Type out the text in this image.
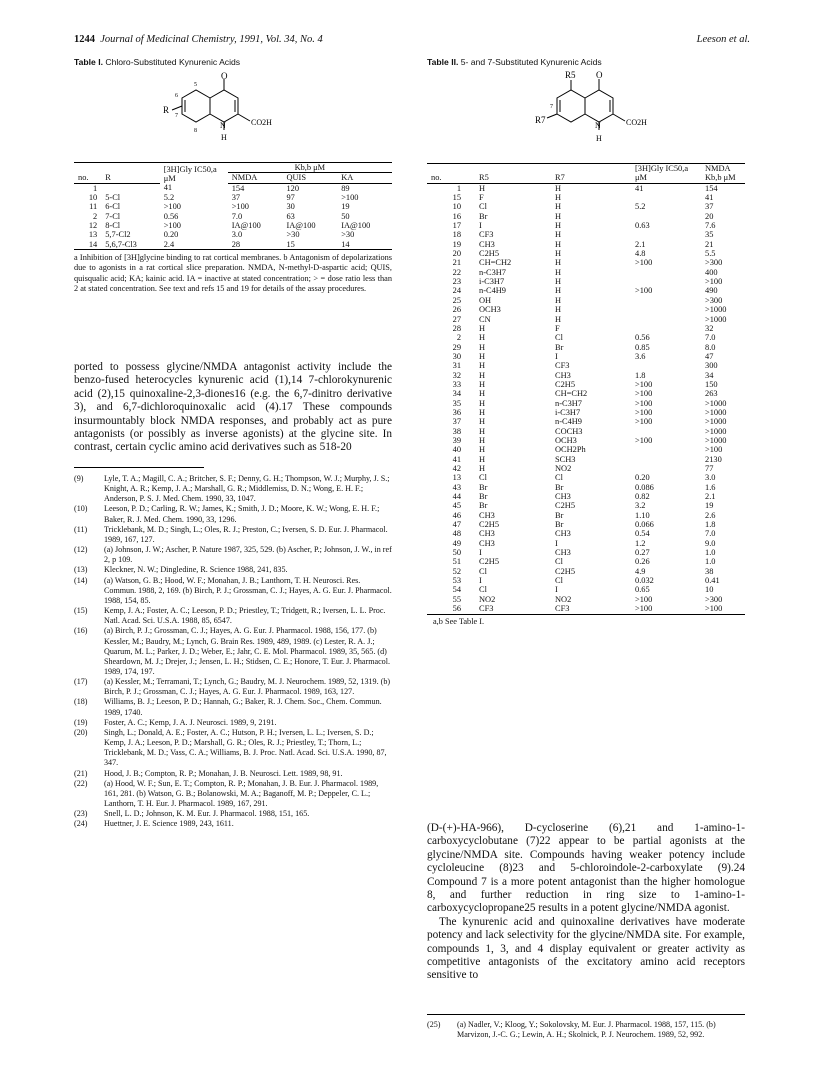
1244 Journal of Medicinal Chemistry, 1991, Vol. 34, No. 4	Leeson et al.
Table I. Chloro-Substituted Kynurenic Acids
O
5
6
7
8
R
N	CO2H
H
		[3H]Gly IC50,a μM	Kb,b μM		
no.	R		NMDA	QUIS	KA
1		41	154	120	89
10	5-Cl	5.2	37	97	>100
11	6-Cl	>100	>100	30	19
2	7-Cl	0.56	7.0	63	50
12	8-Cl	>100	IA@100	IA@100	IA@100
13	5,7-Cl2	0.20	3.0	>30	>30
14	5,6,7-Cl3	2.4	28	15	14
a Inhibition of [3H]glycine binding to rat cortical membranes. b Antagonism of depolarizations due to agonists in a rat cortical slice preparation. NMDA, N-methyl-D-aspartic acid; QUIS, quisqualic acid; KA; kainic acid. IA = inactive at stated concentration; > = dose ratio less than 2 at stated concentration. See text and refs 15 and 19 for details of the assay procedures.
ported to possess glycine/NMDA antagonist activity include the benzo-fused heterocycles kynurenic acid (1),14 7-chlorokynurenic acid (2),15 quinoxaline-2,3-diones16 (e.g. the 6,7-dinitro derivative 3), and 6,7-dichloroquinoxalic acid (4).17 These compounds insurmountably block NMDA responses, and probably act as pure antagonists (or possibly as inverse agonists) at the glycine site. In contrast, certain cyclic amino acid derivatives such as 518-20
(9)	Lyle, T. A.; Magill, C. A.; Britcher, S. F.; Denny, G. H.; Thompson, W. J.; Murphy, J. S.; Knight, A. R.; Kemp, J. A.; Marshall, G. R.; Middlemiss, D. N.; Wong, E. H. F.; Anderson, P. S. J. Med. Chem. 1990, 33, 1047.
(10)	Leeson, P. D.; Carling, R. W.; James, K.; Smith, J. D.; Moore, K. W.; Wong, E. H. F.; Baker, R. J. Med. Chem. 1990, 33, 1296.
(11)	Tricklebank, M. D.; Singh, L.; Oles, R. J.; Preston, C.; Iversen, S. D. Eur. J. Pharmacol. 1989, 167, 127.
(12)	(a) Johnson, J. W.; Ascher, P. Nature 1987, 325, 529. (b) Ascher, P.; Johnson, J. W., in ref 2, p 109.
(13)	Kleckner, N. W.; Dingledine, R. Science 1988, 241, 835.
(14)	(a) Watson, G. B.; Hood, W. F.; Monahan, J. B.; Lanthorn, T. H. Neurosci. Res. Commun. 1988, 2, 169. (b) Birch, P. J.; Grossman, C. J.; Hayes, A. G. Eur. J. Pharmacol. 1988, 154, 85.
(15)	Kemp, J. A.; Foster, A. C.; Leeson, P. D.; Priestley, T.; Tridgett, R.; Iversen, L. L. Proc. Natl. Acad. Sci. U.S.A. 1988, 85, 6547.
(16)	(a) Birch, P. J.; Grossman, C. J.; Hayes, A. G. Eur. J. Pharmacol. 1988, 156, 177. (b) Kessler, M.; Baudry, M.; Lynch, G. Brain Res. 1989, 489, 1989. (c) Lester, R. A. J.; Quarum, M. L.; Parker, J. D.; Weber, E.; Jahr, C. E. Mol. Pharmacol. 1989, 35, 565. (d) Sheardown, M. J.; Drejer, J.; Jensen, L. H.; Stidsen, C. E.; Honore, T. Eur. J. Pharmacol. 1989, 174, 197.
(17)	(a) Kessler, M.; Terramani, T.; Lynch, G.; Baudry, M. J. Neurochem. 1989, 52, 1319. (b) Birch, P. J.; Grossman, C. J.; Hayes, A. G. Eur. J. Pharmacol. 1989, 163, 127.
(18)	Williams, B. J.; Leeson, P. D.; Hannah, G.; Baker, R. J. Chem. Soc., Chem. Commun. 1989, 1740.
(19)	Foster, A. C.; Kemp, J. A. J. Neurosci. 1989, 9, 2191.
(20)	Singh, L.; Donald, A. E.; Foster, A. C.; Hutson, P. H.; Iversen, L. L.; Iversen, S. D.; Kemp, J. A.; Leeson, P. D.; Marshall, G. R.; Oles, R. J.; Priestley, T.; Thorn, L.; Tricklebank, M. D.; Vass, C. A.; Williams, B. J. Proc. Natl. Acad. Sci. U.S.A. 1990, 87, 347.
(21)	Hood, J. B.; Compton, R. P.; Monahan, J. B. Neurosci. Lett. 1989, 98, 91.
(22)	(a) Hood, W. F.; Sun, E. T.; Compton, R. P.; Monahan, J. B. Eur. J. Pharmacol. 1989, 161, 281. (b) Watson, G. B.; Bolanowski, M. A.; Baganoff, M. P.; Deppeler, C. L.; Lanthorn, T. H. Eur. J. Pharmacol. 1989, 167, 291.
(23)	Snell, L. D.; Johnson, K. M. Eur. J. Pharmacol. 1988, 151, 165.
(24)	Huettner, J. E. Science 1989, 243, 1611.
Table II. 5- and 7-Substituted Kynurenic Acids
O
R5
7
R7
N	CO2H
H
no.	R5	R7	[3H]Gly IC50,a μM	NMDA Kb,b μM
1	H	H	41	154
15	F	H		41
10	Cl	H	5.2	37
16	Br	H		20
17	I	H	0.63	7.6
18	CF3	H		35
19	CH3	H	2.1	21
20	C2H5	H	4.8	5.5
21	CH=CH2	H	>100	>300
22	n-C3H7	H		400
23	i-C3H7	H		>100
24	n-C4H9	H	>100	490
25	OH	H		>300
26	OCH3	H		>1000
27	CN	H		>1000
28	H	F		32
2	H	Cl	0.56	7.0
29	H	Br	0.85	8.0
30	H	I	3.6	47
31	H	CF3		300
32	H	CH3	1.8	34
33	H	C2H5	>100	150
34	H	CH=CH2	>100	263
35	H	n-C3H7	>100	>1000
36	H	i-C3H7	>100	>1000
37	H	n-C4H9	>100	>1000
38	H	COCH3		>1000
39	H	OCH3	>100	>1000
40	H	OCH2Ph		>100
41	H	SCH3		2130
42	H	NO2		77
13	Cl	Cl	0.20	3.0
43	Br	Br	0.086	1.6
44	Br	CH3	0.82	2.1
45	Br	C2H5	3.2	19
46	CH3	Br	1.10	2.6
47	C2H5	Br	0.066	1.8
48	CH3	CH3	0.54	7.0
49	CH3	I	1.2	9.0
50	I	CH3	0.27	1.0
51	C2H5	Cl	0.26	1.0
52	Cl	C2H5	4.9	38
53	I	Cl	0.032	0.41
54	Cl	I	0.65	10
55	NO2	NO2	>100	>300
56	CF3	CF3	>100	>100
a,b See Table I.
(D-(+)-HA-966), D-cycloserine (6),21 and 1-amino-1-carboxycyclobutane (7)22 appear to be partial agonists at the glycine/NMDA site. Compounds having weaker potency include cycloleucine (8)23 and 5-chloroindole-2-carboxylate (9).24 Compound 7 is a more potent antagonist than the higher homologue 8, and further reduction in ring size to 1-amino-1-carboxycyclopropane25 results in a potent glycine/NMDA agonist.
The kynurenic acid and quinoxaline derivatives have moderate potency and lack selectivity for the glycine/NMDA site. For example, compounds 1, 3, and 4 display equivalent or greater activity as competitive antagonists of the excitatory amino acid receptors sensitive to
(25)	(a) Nadler, V.; Kloog, Y.; Sokolovsky, M. Eur. J. Pharmacol. 1988, 157, 115. (b) Marvizon, J.-C. G.; Lewin, A. H.; Skolnick, P. J. Neurochem. 1989, 52, 992.
